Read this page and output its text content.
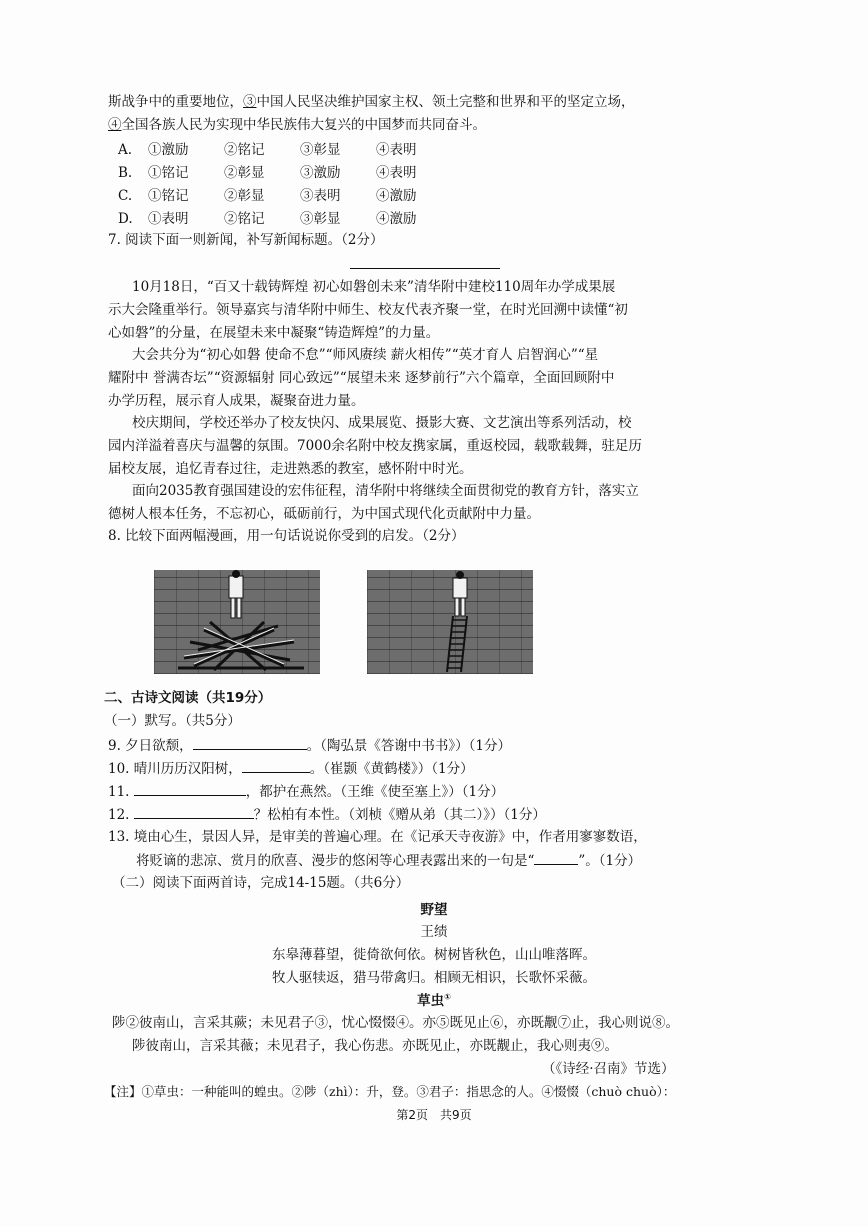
斯战争中的重要地位，③中国人民坚决维护国家主权、领土完整和世界和平的坚定立场，
④全国各族人民为实现中华民族伟大复兴的中国梦而共同奋斗。
A. ①激励	②铭记	③彰显	④表明
B. ①铭记	②彰显	③激励	④表明
C. ①铭记	②彰显	③表明	④激励
D. ①表明	②铭记	③彰显	④激励
7. 阅读下面一则新闻，补写新闻标题。（2分）
10月18日，“百又十载铸辉煌 初心如磐创未来”清华附中建校110周年办学成果展
示大会隆重举行。领导嘉宾与清华附中师生、校友代表齐聚一堂，在时光回溯中读懂“初
心如磐”的分量，在展望未来中凝聚“铸造辉煌”的力量。
大会共分为“初心如磐 使命不怠”“师风赓续 薪火相传”“英才育人 启智润心”“星
耀附中 誉满杏坛”“资源辐射 同心致远”“展望未来 逐梦前行”六个篇章，全面回顾附中
办学历程，展示育人成果，凝聚奋进力量。
校庆期间，学校还举办了校友快闪、成果展览、摄影大赛、文艺演出等系列活动，校
园内洋溢着喜庆与温馨的氛围。7000余名附中校友携家属，重返校园，载歌载舞，驻足历
届校友展，追忆青春过往，走进熟悉的教室，感怀附中时光。
面向2035教育强国建设的宏伟征程，清华附中将继续全面贯彻党的教育方针，落实立
德树人根本任务，不忘初心，砥砺前行，为中国式现代化贡献附中力量。
8. 比较下面两幅漫画，用一句话说说你受到的启发。（2分）
二、古诗文阅读（共19分）
（一）默写。（共5分）
9. 夕日欲颓，	。（陶弘景《答谢中书书》）（1分）
10. 晴川历历汉阳树，	。（崔颢《黄鹤楼》）（1分）
11.	，都护在燕然。（王维《使至塞上》）（1分）
12.	？松柏有本性。（刘桢《赠从弟（其二）》）（1分）
13. 境由心生，景因人异，是审美的普遍心理。在《记承天寺夜游》中，作者用寥寥数语，
将贬谪的悲凉、赏月的欣喜、漫步的悠闲等心理表露出来的一句是“	”。（1分）
（二）阅读下面两首诗，完成14-15题。（共6分）
野望
王绩
东皋薄暮望，徙倚欲何依。树树皆秋色，山山唯落晖。
牧人驱犊返，猎马带禽归。相顾无相识，长歌怀采薇。
草虫①
陟②彼南山，言采其蕨；未见君子③，忧心惙惙④。亦⑤既见止⑥，亦既觏⑦止，我心则说⑧。
陟彼南山，言采其薇；未见君子，我心伤悲。亦既见止，亦既觏止，我心则夷⑨。
（《诗经·召南》节选）
【注】①草虫：一种能叫的蝗虫。②陟（zhì）：升，登。③君子：指思念的人。④惙惙（chuò chuò）：
第2页　共9页
